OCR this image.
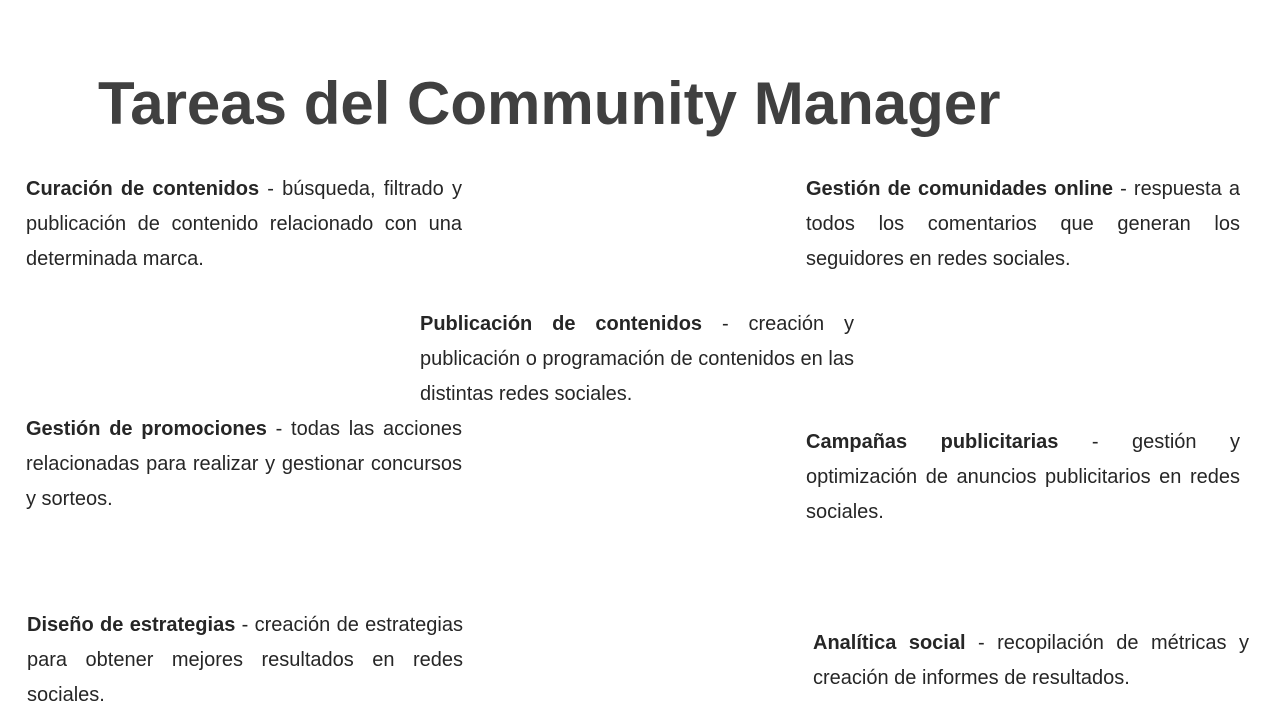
Tareas del Community Manager
Curación de contenidos - búsqueda, filtrado y publicación de contenido relacionado con una determinada marca.
Gestión de comunidades online - respuesta a todos los comentarios que generan los seguidores en redes sociales.
Publicación de contenidos - creación y publicación o programación de contenidos en las distintas redes sociales.
Gestión de promociones - todas las acciones relacionadas para realizar y gestionar concursos y sorteos.
Campañas publicitarias - gestión y optimización de anuncios publicitarios en redes sociales.
Diseño de estrategias - creación de estrategias para obtener mejores resultados en redes sociales.
Analítica social - recopilación de métricas y creación de informes de resultados.
